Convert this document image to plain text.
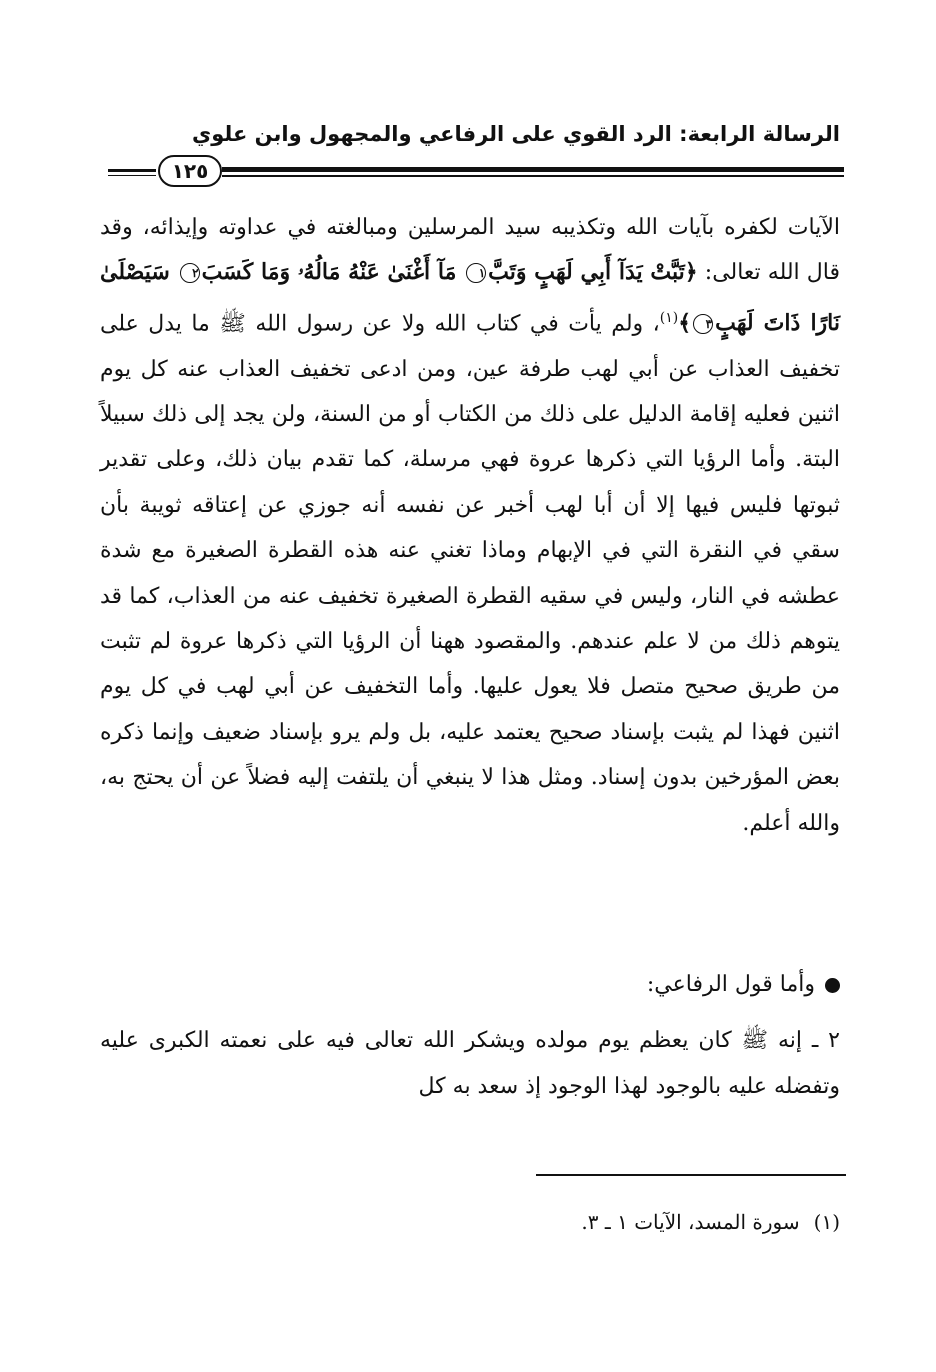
الرسالة الرابعة: الرد القوي على الرفاعي والمجهول وابن علوي
١٢٥

الآيات لكفره بآيات الله وتكذيبه سيد المرسلين ومبالغته في عداوته وإيذائه، وقد قال الله تعالى: ﴿تَبَّتْ يَدَآ أَبِي لَهَبٍ وَتَبَّ١ مَآ أَغْنَىٰ عَنْهُ مَالُهُۥ وَمَا كَسَبَ٢ سَيَصْلَىٰ نَارًا ذَاتَ لَهَبٍ٣﴾$^{(١)}$، ولم يأت في كتاب الله ولا عن رسول الله ﷺ ما يدل على تخفيف العذاب عن أبي لهب طرفة عين، ومن ادعى تخفيف العذاب عنه كل يوم اثنين فعليه إقامة الدليل على ذلك من الكتاب أو من السنة، ولن يجد إلى ذلك سبيلاً البتة. وأما الرؤيا التي ذكرها عروة فهي مرسلة، كما تقدم بيان ذلك، وعلى تقدير ثبوتها فليس فيها إلا أن أبا لهب أخبر عن نفسه أنه جوزي عن إعتاقه ثويبة بأن سقي في النقرة التي في الإبهام وماذا تغني عنه هذه القطرة الصغيرة مع شدة عطشه في النار، وليس في سقيه القطرة الصغيرة تخفيف عنه من العذاب، كما قد يتوهم ذلك من لا علم عندهم. والمقصود ههنا أن الرؤيا التي ذكرها عروة لم تثبت من طريق صحيح متصل فلا يعول عليها. وأما التخفيف عن أبي لهب في كل يوم اثنين فهذا لم يثبت بإسناد صحيح يعتمد عليه، بل ولم يرو بإسناد ضعيف وإنما ذكره بعض المؤرخين بدون إسناد. ومثل هذا لا ينبغي أن يلتفت إليه فضلاً عن أن يحتج به، والله أعلم.

وأما قول الرفاعي:
٢ ـ إنه ﷺ كان يعظم يوم مولده ويشكر الله تعالى فيه على نعمته الكبرى عليه وتفضله عليه بالوجود لهذا الوجود إذ سعد به كل
(١)سورة المسد، الآيات ١ ـ ٣.
